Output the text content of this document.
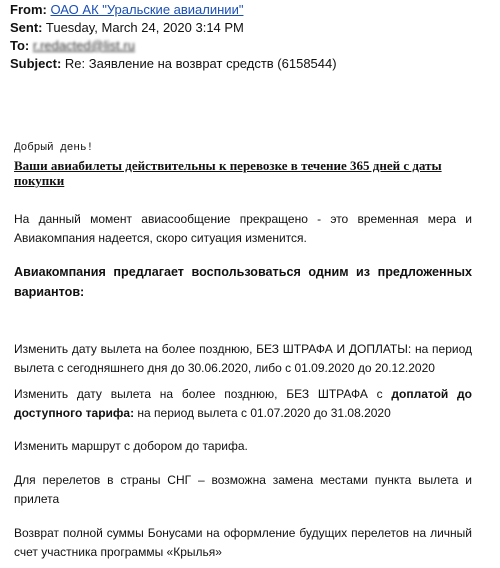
From: ОАО АК "Уральские авиалинии"
Sent: Tuesday, March 24, 2020 3:14 PM
To: r.redacted@list.ru
Subject: Re: Заявление на возврат средств (6158544)
Добрый день!
Ваши авиабилеты действительны к перевозке в течение 365 дней с даты покупки
На данный момент авиасообщение прекращено - это временная мера и Авиакомпания надеется, скоро ситуация изменится.
Авиакомпания предлагает воспользоваться одним из предложенных вариантов:
Изменить дату вылета на более позднюю, БЕЗ ШТРАФА И ДОПЛАТЫ: на период вылета с сегодняшнего дня до 30.06.2020, либо с 01.09.2020 до 20.12.2020
Изменить дату вылета на более позднюю, БЕЗ ШТРАФА с доплатой до доступного тарифа: на период вылета с 01.07.2020 до 31.08.2020
Изменить маршрут с добором до тарифа.
Для перелетов в страны СНГ – возможна замена местами пункта вылета и прилета
Возврат полной суммы Бонусами на оформление будущих перелетов на личный счет участника программы «Крылья»
